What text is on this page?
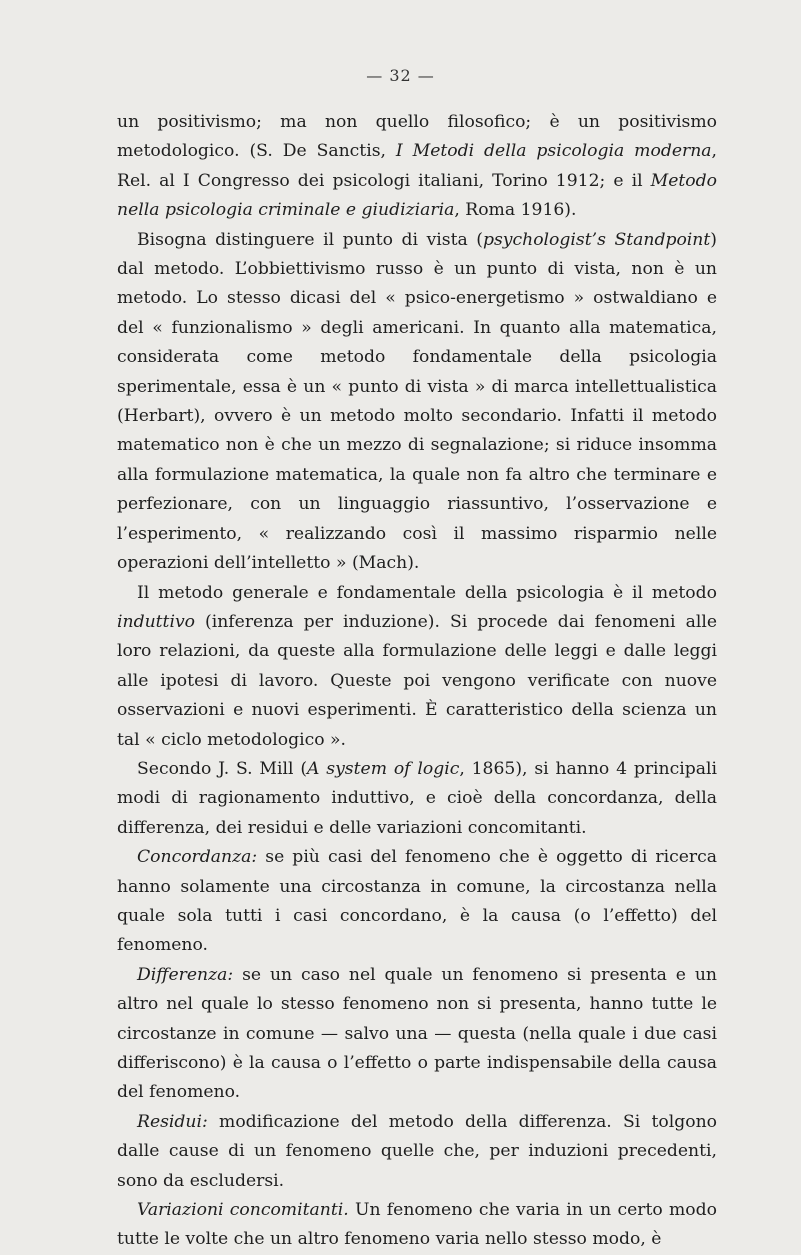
— 32 —

un positivismo; ma non quello filosofico; è un positivismo metodologico. (S. De Sanctis, I Metodi della psicologia moderna, Rel. al I Congresso dei psicologi italiani, Torino 1912; e il Metodo nella psicologia criminale e giudiziaria, Roma 1916).

Bisogna distinguere il punto di vista (psychologist’s Standpoint) dal metodo. L’obbiettivismo russo è un punto di vista, non è un metodo. Lo stesso dicasi del « psico-energetismo » ostwaldiano e del « funzionalismo » degli americani. In quanto alla matematica, considerata come metodo fondamentale della psicologia sperimentale, essa è un « punto di vista » di marca intellettualistica (Herbart), ovvero è un metodo molto secondario. Infatti il metodo matematico non è che un mezzo di segnalazione; si riduce insomma alla formulazione matematica, la quale non fa altro che terminare e perfezionare, con un linguaggio riassuntivo, l’osservazione e l’esperimento, « realizzando così il massimo risparmio nelle operazioni dell’intelletto » (Mach).

Il metodo generale e fondamentale della psicologia è il metodo induttivo (inferenza per induzione). Si procede dai fenomeni alle loro relazioni, da queste alla formulazione delle leggi e dalle leggi alle ipotesi di lavoro. Queste poi vengono verificate con nuove osservazioni e nuovi esperimenti. È caratteristico della scienza un tal « ciclo metodologico ».

Secondo J. S. Mill (A system of logic, 1865), si hanno 4 principali modi di ragionamento induttivo, e cioè della concordanza, della differenza, dei residui e delle variazioni concomitanti.

Concordanza: se più casi del fenomeno che è oggetto di ricerca hanno solamente una circostanza in comune, la circostanza nella quale sola tutti i casi concordano, è la causa (o l’effetto) del fenomeno.

Differenza: se un caso nel quale un fenomeno si presenta e un altro nel quale lo stesso fenomeno non si presenta, hanno tutte le circostanze in comune — salvo una — questa (nella quale i due casi differiscono) è la causa o l’effetto o parte indispensabile della causa del fenomeno.

Residui: modificazione del metodo della differenza. Si tolgono dalle cause di un fenomeno quelle che, per induzioni precedenti, sono da escludersi.

Variazioni concomitanti. Un fenomeno che varia in un certo modo tutte le volte che un altro fenomeno varia nello stesso modo, è
